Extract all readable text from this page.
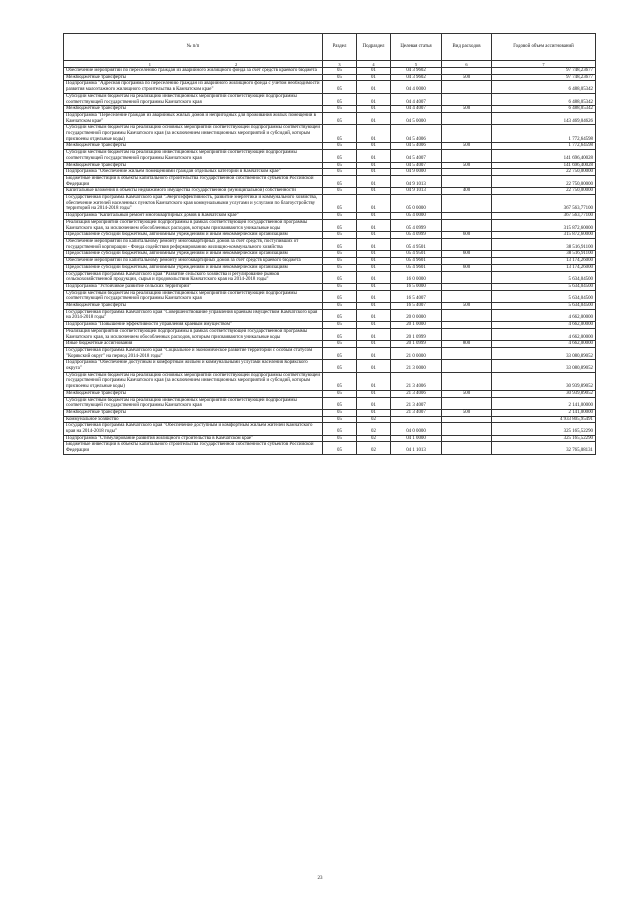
№ п/п	Раздел	Подраздел	Целевая статья	Вид расходов	Годовой объем ассигнований
1 2	3	4	5	6	7
Обеспечение мероприятий по переселению граждан из аварийного жилищного фонда за счет средств краевого бюджета	05	01	04 3 9602		97 748,23677
Межбюджетные трансферты	05	01	04 3 9602	500	97 748,23677
Подпрограмма "Адресная программа по переселению граждан из аварийного жилищного фонда с учетом необходимости развития малоэтажного жилищного строительства в Камчатском крае"	05	01	04 4 0000		6 488,05342
Субсидии местным бюджетам на реализацию инвестиционных мероприятий соответствующей подпрограммы соответствующей государственной программы Камчатского края	05	01	04 4 4007		6 488,05342
Межбюджетные трансферты	05	01	04 4 4007	500	6 488,05342
Подпрограмма "Переселение граждан из аварийных жилых домов и непригодных для проживания жилых помещений в Камчатском крае"	05	01	04 5 0000		143 469,04626
Субсидии местным бюджетам на реализацию основных мероприятий соответствующей подпрограммы соответствующей государственной программы Камчатского края (за исключением инвестиционных мероприятий и субсидий, которым присвоены отдельные коды)	05	01	04 5 4006		1 772,64598
Межбюджетные трансферты	05	01	04 5 4006	500	1 772,64598
Субсидии местным бюджетам на реализацию инвестиционных мероприятий соответствующей подпрограммы соответствующей государственной программы Камчатского края	05	01	04 5 4007		141 696,40028
Межбюджетные трансферты	05	01	04 5 4007	500	141 696,40028
Подпрограмма "Обеспечение жильем помещениями граждан отдельных категорий в Камчатском крае"	05	01	04 9 0000		22 750,00000
Бюджетные инвестиции в объекты капитального строительства государственной собственности субъектов Российской Федерации	05	01	04 9 1013		22 750,00000
Капитальные вложения в объекты недвижимого имущества государственной (муниципальной) собственности	05	01	04 9 1013	400	22 750,00000
Государственная программа Камчатского края "Энергоэффективность, развитие энергетики и коммунального хозяйства, обеспечение жителей населенных пунктов Камчатского края коммунальными услугами и услугами по благоустройству территорий на 2014-2018 годы"	05	01	05 0 0000		367 563,77100
Подпрограмма "Капитальный ремонт многоквартирных домов в Камчатском крае"	05	01	05 4 0000		367 563,77100
Реализация мероприятий соответствующей подпрограммы в рамках соответствующей государственной программы Камчатского края, за исключением обособленных расходов, которым присваиваются уникальные коды	05	01	05 4 0999		315 872,60000
Предоставление субсидий бюджетным, автономным учреждениям и иным некоммерческим организациям	05	01	05 4 0999	600	315 872,60000
Обеспечение мероприятий по капитальному ремонту многоквартирных домов за счет средств, поступивших от государственной корпорации - Фонда содействия реформированию жилищно-коммунального хозяйства	05	01	05 4 9501		38 516,91100
Предоставление субсидий бюджетным, автономным учреждениям и иным некоммерческим организациям	05	01	05 4 9501	600	38 516,91100
Обеспечение мероприятий по капитальному ремонту многоквартирных домов за счет средств краевого бюджета	05	01	05 4 9601		13 174,26000
Предоставление субсидий бюджетным, автономным учреждениям и иным некоммерческим организациям	05	01	05 4 9601	600	13 174,26000
Государственная программа Камчатского края "Развитие сельского хозяйства и регулирование рынков сельскохозяйственной продукции, сырья и продовольствия Камчатского края на 2014-2018 годы"	05	01	16 0 0000		5 634,04500
Подпрограмма "Устойчивое развитие сельских территорий"	05	01	16 5 0000		5 634,04500
Субсидии местным бюджетам на реализацию инвестиционных мероприятий соответствующей подпрограммы соответствующей государственной программы Камчатского края	05	01	16 5 4007		5 634,04500
Межбюджетные трансферты	05	01	16 5 4007	500	5 634,04500
Государственная программа Камчатского края "Совершенствование управления краевым имуществом Камчатского края на 2014-2018 годы"	05	01	20 0 0000		4 662,00000
Подпрограмма "Повышение эффективности управления краевым имуществом"	05	01	20 1 0000		4 662,00000
Реализация мероприятий соответствующей подпрограммы в рамках соответствующей государственной программы Камчатского края, за исключением обособленных расходов, которым присваиваются уникальные коды	05	01	20 1 0999		4 662,00000
Иные бюджетные ассигнования	05	01	20 1 0999	800	4 662,00000
Государственная программа Камчатского края "Социальное и экономическое развитие территории с особым статусом "Корякский округ" на период 2014-2018 годы"	05	01	21 0 0000		33 080,89052
Подпрограмма "Обеспечение доступным и комфортным жильем и коммунальными услугами населения Корякского округа"	05	01	21 3 0000		33 080,89052
Субсидии местным бюджетам на реализацию основных мероприятий соответствующей подпрограммы соответствующей государственной программы Камчатского края (за исключением инвестиционных мероприятий и субсидий, которым присвоены отдельные коды)	05	01	21 3 4006		30 939,89052
Межбюджетные трансферты	05	01	21 3 4006	500	30 939,89052
Субсидии местным бюджетам на реализацию инвестиционных мероприятий соответствующей подпрограммы соответствующей государственной программы Камчатского края	05	01	21 3 4007		2 141,00000
Межбюджетные трансферты	05	01	21 3 4007	500	2 141,00000
Коммунальное хозяйство	05	02			4 933 805,95491
Государственная программа Камчатского края "Обеспечение доступным и комфортным жильем жителей Камчатского края на 2014-2018 годы"	05	02	04 0 0000		325 165,52290
Подпрограмма "Стимулирование развития жилищного строительства в Камчатском крае"	05	02	04 1 0000		325 165,52290
Бюджетные инвестиции в объекты капитального строительства государственной собственности субъектов Российской Федерации	05	02	04 1 1013		32 765,08131
23
